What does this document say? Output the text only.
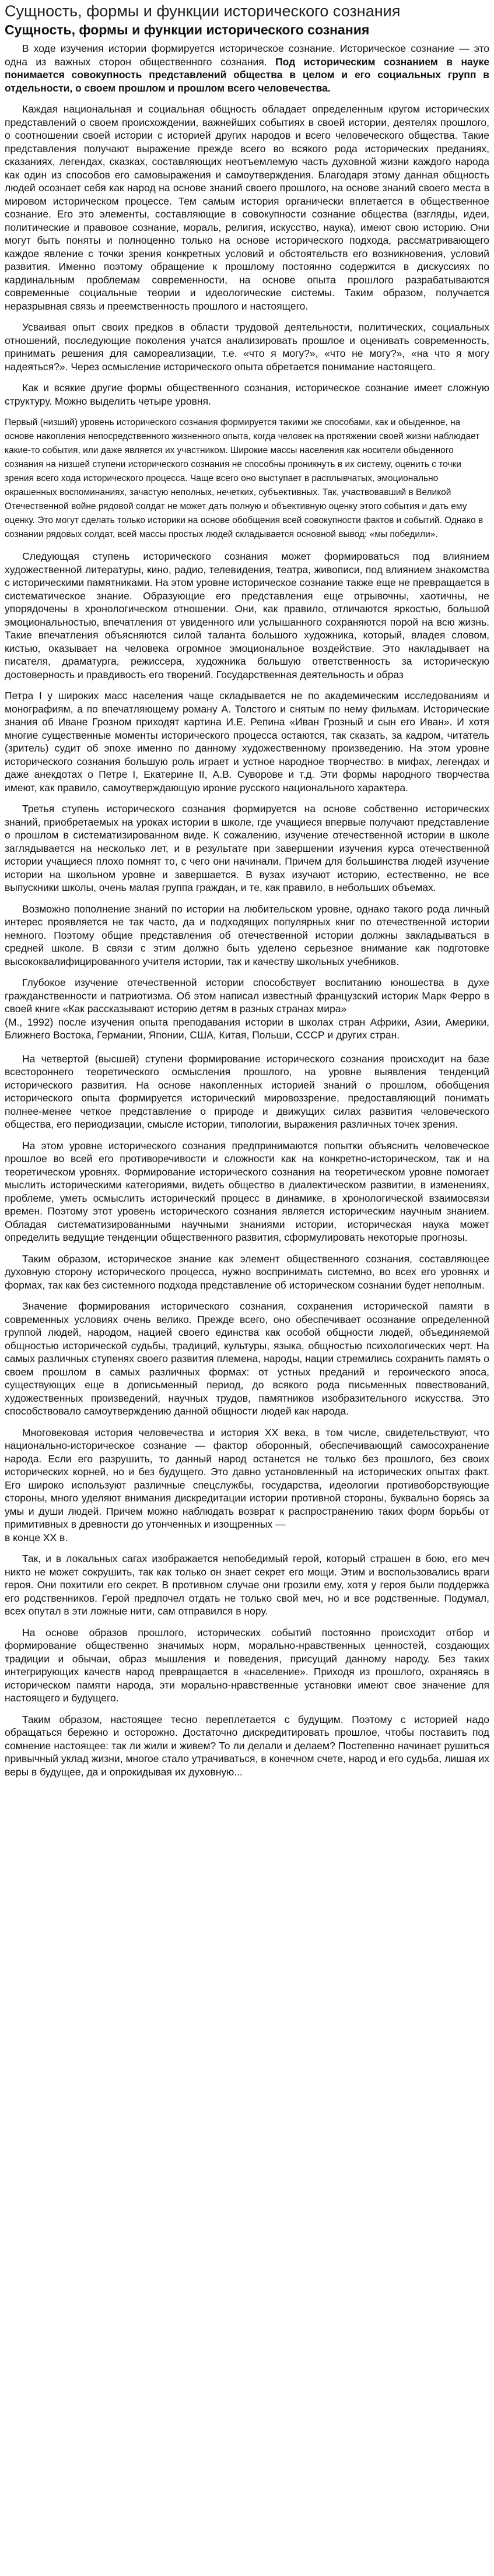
Сущность, формы и функции исторического сознания
Сущность, формы и функции исторического сознания

В ходе изучения истории формируется историческое сознание. Историческое сознание — это одна из важных сторон общественного сознания. Под историческим сознанием в науке понимается совокупность представлений общества в целом и его социальных групп в отдельности, о своем прошлом и прошлом всего человечества.

Каждая национальная и социальная общность обладает определенным кругом исторических представлений о своем происхождении, важнейших событиях в своей истории, деятелях прошлого, о соотношении своей истории с историей других народов и всего человеческого общества. Такие представления получают выражение прежде всего во всякого рода исторических преданиях, сказаниях, легендах, сказках, составляющих неотъемлемую часть духовной жизни каждого народа как один из способов его самовыражения и самоутверждения. Благодаря этому данная общность людей осознает себя как народ на основе знаний своего прошлого, на основе знаний своего места в мировом историческом процессе. Тем самым история органически вплетается в общественное сознание. Его это элементы, составляющие в совокупности сознание общества (взгляды, идеи, политические и правовое сознание, мораль, религия, искусство, наука), имеют свою историю. Они могут быть поняты и полноценно только на основе исторического подхода, рассматривающего каждое явление с точки зрения конкретных условий и обстоятельств его возникновения, условий развития. Именно поэтому обращение к прошлому постоянно содержится в дискуссиях по кардинальным проблемам современности, на основе опыта прошлого разрабатываются современные социальные теории и идеологические системы. Таким образом, получается неразрывная связь и преемственность прошлого и настоящего.

Усваивая опыт своих предков в области трудовой деятельности, политических, социальных отношений, последующие поколения учатся анализировать прошлое и оценивать современность, принимать решения для самореализации, т.е. «что я могу?», «что не могу?», «на что я могу надеяться?». Через осмысление исторического опыта обретается понимание настоящего.

Как и всякие другие формы общественного сознания, историческое сознание имеет сложную структуру. Можно выделить четыре уровня.

Первый (низший) уровень исторического сознания формируется такими же способами, как и обыденное, на основе накопления непосредственного жизненного опыта, когда человек на протяжении своей жизни наблюдает какие-то события, или даже является их участником. Широкие массы населения как носители обыденного сознания на низшей ступени исторического сознания не способны проникнуть в их систему, оценить с точки зрения всего хода исторического процесса. Чаще всего оно выступает в расплывчатых, эмоционально окрашенных воспоминаниях, зачастую неполных, нечетких, субъективных. Так, участвовавший в Великой Отечественной войне рядовой солдат не может дать полную и объективную оценку этого события и дать ему оценку. Это могут сделать только историки на основе обобщения всей совокупности фактов и событий. Однако в сознании рядовых солдат, всей массы простых людей складывается основной вывод: «мы победили».

Следующая ступень исторического сознания может формироваться под влиянием художественной литературы, кино, радио, телевидения, театра, живописи, под влиянием знакомства с историческими памятниками. На этом уровне историческое сознание также еще не превращается в систематическое знание. Образующие его представления еще отрывочны, хаотичны, не упорядочены в хронологическом отношении. Они, как правило, отличаются яркостью, большой эмоциональностью, впечатления от увиденного или услышанного сохраняются порой на всю жизнь. Такие впечатления объясняются силой таланта большого художника, который, владея словом, кистью, оказывает на человека огромное эмоциональное воздействие. Это накладывает на писателя, драматурга, режиссера, художника большую ответственность за историческую достоверность и правдивость его творений. Государственная деятельность и образ

Петра I у широких масс населения чаще складывается не по академическим исследованиям и монографиям, а по впечатляющему роману А. Толстого и снятым по нему фильмам. Исторические знания об Иване Грозном приходят картина И.Е. Репина «Иван Грозный и сын его Иван». И хотя многие существенные моменты исторического процесса остаются, так сказать, за кадром, читатель (зритель) судит об эпохе именно по данному художественному произведению. На этом уровне исторического сознания большую роль играет и устное народное творчество: в мифах, легендах и даже анекдотах о Петре I, Екатерине II, А.В. Суворове и т.д. Эти формы народного творчества имеют, как правило, самоутверждающую ироние русского национального характера.

Третья ступень исторического сознания формируется на основе собственно исторических знаний, приобретаемых на уроках истории в школе, где учащиеся впервые получают представление о прошлом в систематизированном виде. К сожалению, изучение отечественной истории в школе заглядывается на несколько лет, и в результате при завершении изучения курса отечественной истории учащиеся плохо помнят то, с чего они начинали. Причем для большинства людей изучение истории на школьном уровне и завершается. В вузах изучают историю, естественно, не все выпускники школы, очень малая группа граждан, и те, как правило, в небольших объемах.

Возможно пополнение знаний по истории на любительском уровне, однако такого рода личный интерес проявляется не так часто, да и подходящих популярных книг по отечественной истории немного. Поэтому общие представления об отечественной истории должны закладываться в средней школе. В связи с этим должно быть уделено серьезное внимание как подготовке высококвалифицированного учителя истории, так и качеству школьных учебников.

Глубокое изучение отечественной истории способствует воспитанию юношества в духе гражданственности и патриотизма. Об этом написал известный французский историк Марк Ферро в своей книге «Как рассказывают историю детям в разных странах мира»

(М., 1992) после изучения опыта преподавания истории в школах стран Африки, Азии, Америки, Ближнего Востока, Германии, Японии, США, Китая, Польши, СССР и других стран.

На четвертой (высшей) ступени формирование исторического сознания происходит на базе всестороннего теоретического осмысления прошлого, на уровне выявления тенденций исторического развития. На основе накопленных историей знаний о прошлом, обобщения исторического опыта формируется исторический мировоззрение, предоставляющий понимать полнее-менее четкое представление о природе и движущих силах развития человеческого общества, его периодизации, смысле истории, типологии, выражения различных точек зрения.

На этом уровне исторического сознания предпринимаются попытки объяснить человеческое прошлое во всей его противоречивости и сложности как на конкретно-историческом, так и на теоретическом уровнях. Формирование исторического сознания на теоретическом уровне помогает мыслить историческими категориями, видеть общество в диалектическом развитии, в изменениях, проблеме, уметь осмыслить исторический процесс в динамике, в хронологической взаимосвязи времен. Поэтому этот уровень исторического сознания является историческим научным знанием. Обладая систематизированными научными знаниями истории, историческая наука может определить ведущие тенденции общественного развития, сформулировать некоторые прогнозы.

Таким образом, историческое знание как элемент общественного сознания, составляющее духовную сторону исторического процесса, нужно воспринимать системно, во всех его уровнях и формах, так как без системного подхода представление об историческом сознании будет неполным.

Значение формирования исторического сознания, сохранения исторической памяти в современных условиях очень велико. Прежде всего, оно обеспечивает осознание определенной группой людей, народом, нацией своего единства как особой общности людей, объединяемой общностью исторической судьбы, традиций, культуры, языка, общностью психологических черт. На самых различных ступенях своего развития племена, народы, нации стремились сохранить память о своем прошлом в самых различных формах: от устных преданий и героического эпоса, существующих еще в дописьменный период, до всякого рода письменных повествований, художественных произведений, научных трудов, памятников изобразительного искусства. Это способствовало самоутверждению данной общности людей как народа.

Многовековая история человечества и история XX века, в том числе, свидетельствуют, что национально-историческое сознание — фактор оборонный, обеспечивающий самосохранение народа. Если его разрушить, то данный народ останется не только без прошлого, без своих исторических корней, но и без будущего. Это давно установленный на исторических опытах факт. Его широко используют различные спецслужбы, государства, идеологии противоборствующие стороны, много уделяют внимания дискредитации истории противной стороны, буквально борясь за умы и души людей. Причем можно наблюдать возврат к распространению таких форм борьбы от примитивных в древности до утонченных и изощренных —

в конце XX в.

Так, и в локальных сагах изображается непобедимый герой, который страшен в бою, его меч никто не может сокрушить, так как только он знает секрет его мощи. Этим и воспользовались враги героя. Они похитили его секрет. В противном случае они грозили ему, хотя у героя были поддержка его родственников. Герой предпочел отдать не только свой меч, но и все родственные. Подумал, всех опутал в эти ложные нити, сам отправился в нору.

На основе образов прошлого, исторических событий постоянно происходит отбор и формирование общественно значимых норм, морально-нравственных ценностей, создающих традиции и обычаи, образ мышления и поведения, присущий данному народу. Без таких интегрирующих качеств народ превращается в «население». Приходя из прошлого, охраняясь в историческом памяти народа, эти морально-нравственные установки имеют свое значение для настоящего и будущего.

Таким образом, настоящее тесно переплетается с будущим. Поэтому с историей надо обращаться бережно и осторожно. Достаточно дискредитировать прошлое, чтобы поставить под сомнение настоящее: так ли жили и живем? То ли делали и делаем? Постепенно начинает рушиться привычный уклад жизни, многое стало утрачиваться, в конечном счете, народ и его судьба, лишая их веры в будущее, да и опрокидывая их духовную...
